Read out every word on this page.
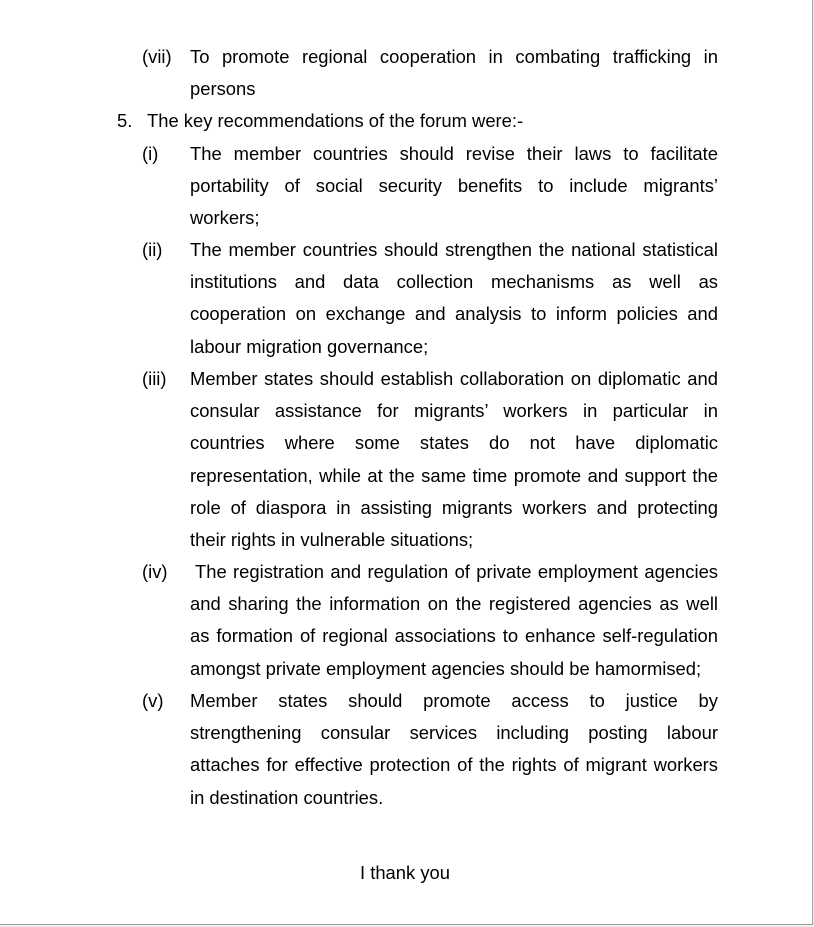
(vii) To promote regional cooperation in combating trafficking in
persons
5. The key recommendations of the forum were:-
(i) The member countries should revise their laws to facilitate
portability of social security benefits to include migrants’
workers;
(ii) The member countries should strengthen the national statistical
institutions and data collection mechanisms as well as
cooperation on exchange and analysis to inform policies and
labour migration governance;
(iii) Member states should establish collaboration on diplomatic and
consular assistance for migrants’ workers in particular in
countries where some states do not have diplomatic
representation, while at the same time promote and support the
role of diaspora in assisting migrants workers and protecting
their rights in vulnerable situations;
(iv) The registration and regulation of private employment agencies
and sharing the information on the registered agencies as well
as formation of regional associations to enhance self-regulation
amongst private employment agencies should be hamormised;
(v) Member states should promote access to justice by
strengthening consular services including posting labour
attaches for effective protection of the rights of migrant workers
in destination countries.
I thank you
